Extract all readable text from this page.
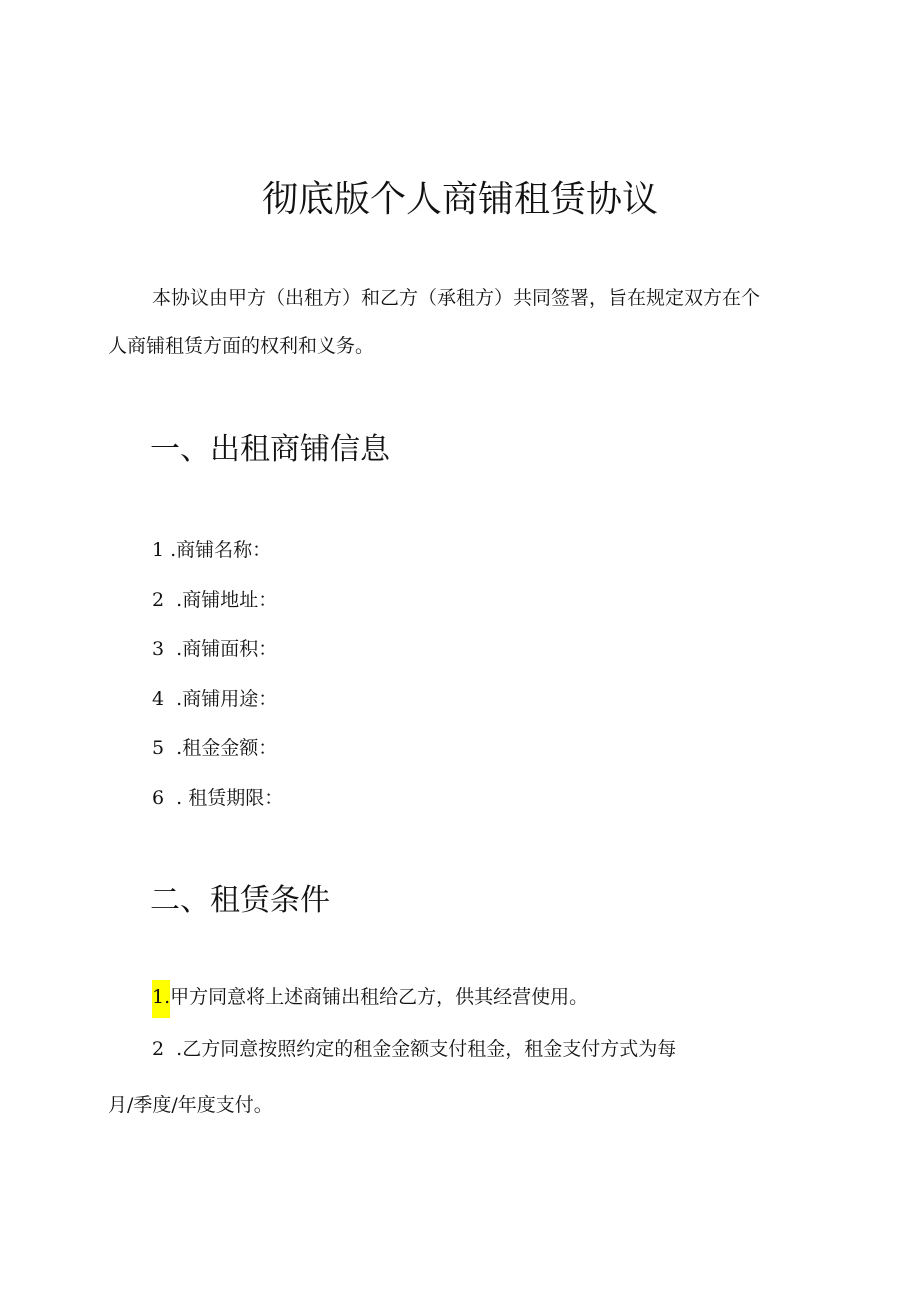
彻底版个人商铺租赁协议

本协议由甲方（出租方）和乙方（承租方）共同签署，旨在规定双方在个
人商铺租赁方面的权利和义务。

一、出租商铺信息
1 .商铺名称：
2  .商铺地址：
3  .商铺面积：
4  .商铺用途：
5  .租金金额：
6  . 租赁期限：
二、租赁条件
1.甲方同意将上述商铺出租给乙方，供其经营使用。
2  .乙方同意按照约定的租金金额支付租金，租金支付方式为每
月/季度/年度支付。
